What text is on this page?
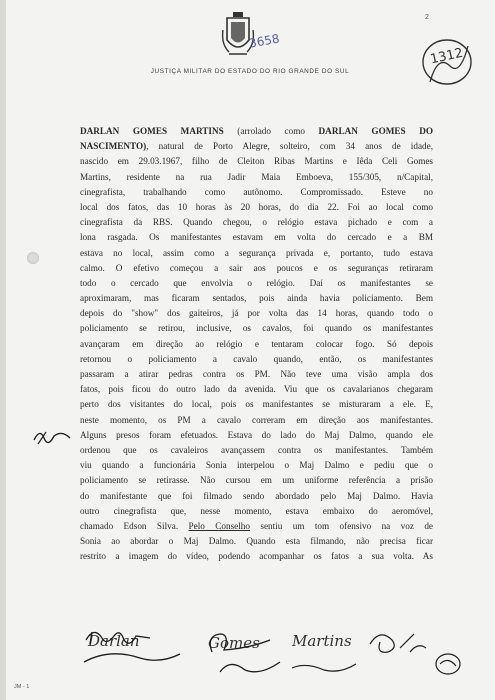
3658
2
1312
JUSTIÇA MILITAR DO ESTADO DO RIO GRANDE DO SUL
DARLAN GOMES MARTINS (arrolado como DARLAN GOMES DO
NASCIMENTO), natural de Porto Alegre, solteiro, com 34 anos de idade,
nascido em 29.03.1967, filho de Cleiton Ribas Martins e Iêda Celi Gomes
Martins, residente na rua Jadir Maia Emboeva, 155/305, n/Capital,
cinegrafista, trabalhando como autônomo. Compromissado. Esteve no
local dos fatos, das 10 horas às 20 horas, do dia 22. Foi ao local como
cinegrafista da RBS. Quando chegou, o relógio estava pichado e com a
lona rasgada. Os manifestantes estavam em volta do cercado e a BM
estava no local, assim como a segurança privada e, portanto, tudo estava
calmo. O efetivo começou a sair aos poucos e os seguranças retiraram
todo o cercado que envolvia o relógio. Daí os manifestantes se
aproximaram, mas ficaram sentados, pois ainda havia policiamento. Bem
depois do "show" dos gaiteiros, já por volta das 14 horas, quando todo o
policiamento se retirou, inclusive, os cavalos, foi quando os manifestantes
avançaram em direção ao relógio e tentaram colocar fogo. Só depois
retornou o policiamento a cavalo quando, então, os manifestantes
passaram a atirar pedras contra os PM. Não teve uma visão ampla dos
fatos, pois ficou do outro lado da avenida. Viu que os cavalarianos chegaram
perto dos visitantes do local, pois os manifestantes se misturaram a ele. E,
neste momento, os PM a cavalo correram em direção aos manifestantes.
Alguns presos foram efetuados. Estava do lado do Maj Dalmo, quando ele
ordenou que os cavaleiros avançassem contra os manifestantes. Também
viu quando a funcionária Sonia interpelou o Maj Dalmo e pediu que o
policiamento se retirasse. Não cursou em um uniforme referência a prisão
do manifestante que foi filmado sendo abordado pelo Maj Dalmo. Havia
outro cinegrafista que, nesse momento, estava embaixo do aeromóvel,
chamado Edson Silva. Pelo Conselho sentiu um tom ofensivo na voz de
Sonia ao abordar o Maj Dalmo. Quando esta filmando, não precisa ficar
restrito a imagem do vídeo, podendo acompanhar os fatos a sua volta. As
Darlan	Gomes Martins
JM - 1
